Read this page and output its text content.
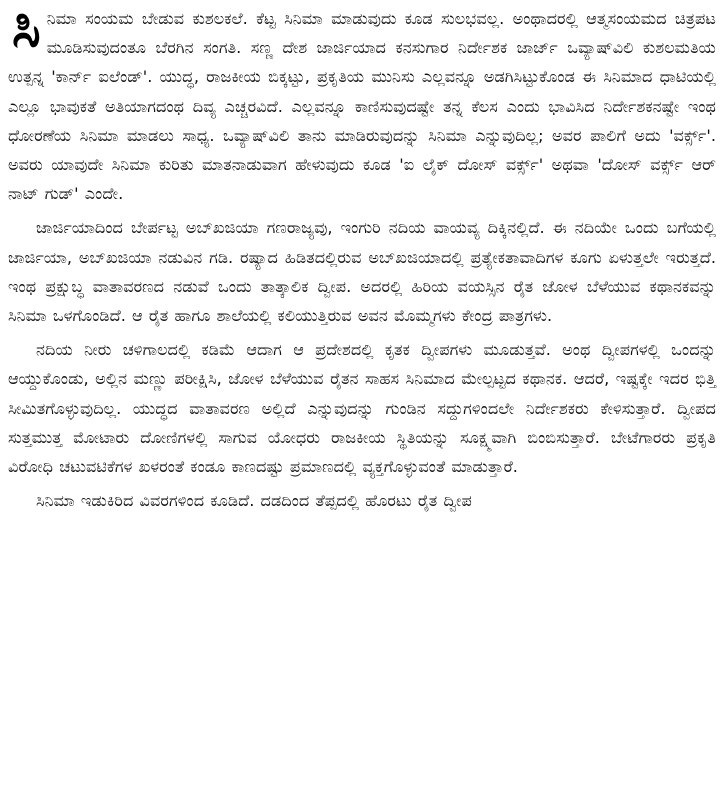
ಸಿನಿಮಾ ಸಂಯಮ ಬೇಡುವ ಕುಶಲಕಲೆ. ಕೆಟ್ಟ ಸಿನಿಮಾ ಮಾಡುವುದು ಕೂಡ ಸುಲಭವಲ್ಲ. ಅಂಥಾದರಲ್ಲಿ ಆತ್ಮಸಂಯಮದ ಚಿತ್ರಪಟ ಮೂಡಿಸುವುದಂತೂ ಬೆರಗಿನ ಸಂಗತಿ. ಸಣ್ಣ ದೇಶ ಜಾರ್ಜಿಯಾದ ಕನಸುಗಾರ ನಿರ್ದೇಶಕ ಜಾರ್ಜ್ ಒವ್ಯಾಷ್‌ವಿಲಿ ಕುಶಲಮತಿಯ ಉತ್ಪನ್ನ 'ಕಾರ್ನ್ ಐಲೆಂಡ್'. ಯುದ್ಧ, ರಾಜಕೀಯ ಬಿಕ್ಕಟ್ಟು, ಪ್ರಕೃತಿಯ ಮುನಿಸು ಎಲ್ಲವನ್ನೂ ಅಡಗಿಸಿಟ್ಟುಕೊಂಡ ಈ ಸಿನಿಮಾದ ಧಾಟಿಯಲ್ಲಿ ಎಲ್ಲೂ ಭಾವುಕತೆ ಅತಿಯಾಗದಂಥ ದಿವ್ಯ ಎಚ್ಚರವಿದೆ. ಎಲ್ಲವನ್ನೂ ಕಾಣಿಸುವುದಷ್ಟೇ ತನ್ನ ಕೆಲಸ ಎಂದು ಭಾವಿಸಿದ ನಿರ್ದೇಶಕನಷ್ಟೇ ಇಂಥ ಧೋರಣೆಯ ಸಿನಿಮಾ ಮಾಡಲು ಸಾಧ್ಯ. ಒವ್ಯಾಷ್‌ವಿಲಿ ತಾನು ಮಾಡಿರುವುದನ್ನು ಸಿನಿಮಾ ಎನ್ನುವುದಿಲ್ಲ; ಅವರ ಪಾಲಿಗೆ ಅದು 'ವರ್ಕ್ಸ್'. ಅವರು ಯಾವುದೇ ಸಿನಿಮಾ ಕುರಿತು ಮಾತನಾಡುವಾಗ ಹೇಳುವುದು ಕೂಡ 'ಐ ಲೈಕ್ ದೋಸ್ ವರ್ಕ್ಸ್' ಅಥವಾ 'ದೋಸ್ ವರ್ಕ್ಸ್ ಆರ್ ನಾಟ್ ಗುಡ್' ಎಂದೇ.

ಜಾರ್ಜಿಯಾದಿಂದ ಬೇರ್ಪಟ್ಟ ಅಬ್‌ಖಜಿಯಾ ಗಣರಾಜ್ಯವು, ಇಂಗುರಿ ನದಿಯ ವಾಯವ್ಯ ದಿಕ್ಕಿನಲ್ಲಿದೆ. ಈ ನದಿಯೇ ಒಂದು ಬಗೆಯಲ್ಲಿ ಜಾರ್ಜಿಯಾ, ಅಬ್‌ಖಜಿಯಾ ನಡುವಿನ ಗಡಿ. ರಷ್ಯಾದ ಹಿಡಿತದಲ್ಲಿರುವ ಅಬ್‌ಖಜಿಯಾದಲ್ಲಿ ಪ್ರತ್ಯೇಕತಾವಾದಿಗಳ ಕೂಗು ಏಳುತ್ತಲೇ ಇರುತ್ತದೆ. ಇಂಥ ಪ್ರಕ್ಷುಬ್ಧ ವಾತಾವರಣದ ನಡುವೆ ಒಂದು ತಾತ್ಕಾಲಿಕ ದ್ವೀಪ. ಅದರಲ್ಲಿ ಹಿರಿಯ ವಯಸ್ಸಿನ ರೈತ ಜೋಳ ಬೆಳೆಯುವ ಕಥಾನಕವನ್ನು ಸಿನಿಮಾ ಒಳಗೊಂಡಿದೆ. ಆ ರೈತ ಹಾಗೂ ಶಾಲೆಯಲ್ಲಿ ಕಲಿಯುತ್ತಿರುವ ಅವನ ಮೊಮ್ಮಗಳು ಕೇಂದ್ರ ಪಾತ್ರಗಳು.

ನದಿಯ ನೀರು ಚಳಿಗಾಲದಲ್ಲಿ ಕಡಿಮೆ ಆದಾಗ ಆ ಪ್ರದೇಶದಲ್ಲಿ ಕೃತಕ ದ್ವೀಪಗಳು ಮೂಡುತ್ತವೆ. ಅಂಥ ದ್ವೀಪಗಳಲ್ಲಿ ಒಂದನ್ನು ಆಯ್ದುಕೊಂಡು, ಅಲ್ಲಿನ ಮಣ್ಣು ಪರೀಕ್ಷಿಸಿ, ಜೋಳ ಬೆಳೆಯುವ ರೈತನ ಸಾಹಸ ಸಿನಿಮಾದ ಮೇಲ್ಪಟ್ಟದ ಕಥಾನಕ. ಆದರೆ, ಇಷ್ಟಕ್ಕೇ ಇದರ ಭಿತ್ತಿ ಸೀಮಿತಗೊಳ್ಳುವುದಿಲ್ಲ. ಯುದ್ಧದ ವಾತಾವರಣ ಅಲ್ಲಿದೆ ಎನ್ನುವುದನ್ನು ಗುಂಡಿನ ಸದ್ದುಗಳಿಂದಲೇ ನಿರ್ದೇಶಕರು ಕೇಳಿಸುತ್ತಾರೆ. ದ್ವೀಪದ ಸುತ್ತಮುತ್ತ ಮೋಟಾರು ದೋಣಿಗಳಲ್ಲಿ ಸಾಗುವ ಯೋಧರು ರಾಜಕೀಯ ಸ್ಥಿತಿಯನ್ನು ಸೂಕ್ಷ್ಮವಾಗಿ ಬಿಂಬಿಸುತ್ತಾರೆ. ಬೇಟೆಗಾರರು ಪ್ರಕೃತಿ ವಿರೋಧಿ ಚಟುವಟಿಕೆಗಳ ಖಳರಂತೆ ಕಂಡೂ ಕಾಣದಷ್ಟು ಪ್ರಮಾಣದಲ್ಲಿ ವ್ಯಕ್ತಗೊಳ್ಳುವಂತೆ ಮಾಡುತ್ತಾರೆ.

ಸಿನಿಮಾ ಇಡುಕಿರಿದ ವಿವರಗಳಿಂದ ಕೂಡಿದೆ. ದಡದಿಂದ ತೆಪ್ಪದಲ್ಲಿ ಹೊರಟು ರೈತ ದ್ವೀಪ
